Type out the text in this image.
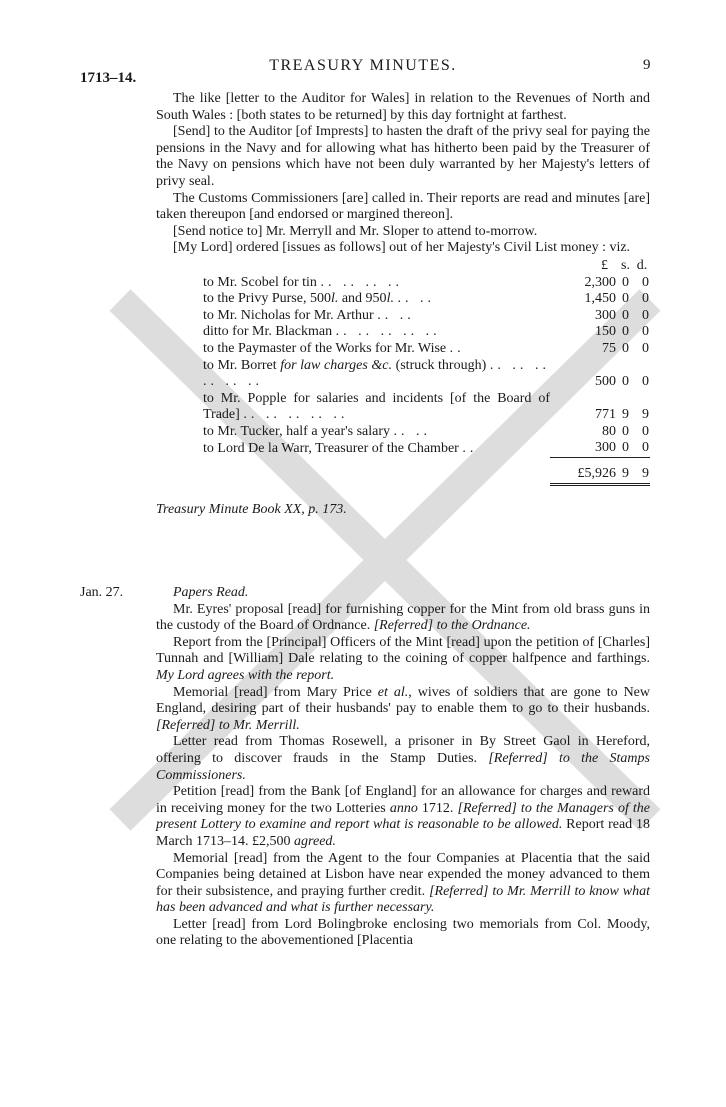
1713–14.
TREASURY MINUTES.	9

The like [letter to the Auditor for Wales] in relation to the Revenues of North and South Wales : [both states to be returned] by this day fortnight at farthest.

[Send] to the Auditor [of Imprests] to hasten the draft of the privy seal for paying the pensions in the Navy and for allowing what has hitherto been paid by the Treasurer of the Navy on pensions which have not been duly warranted by her Majesty's letters of privy seal.

The Customs Commissioners [are] called in. Their reports are read and minutes [are] taken thereupon [and endorsed or margined thereon].

[Send notice to] Mr. Merryll and Mr. Sloper to attend to-morrow.

[My Lord] ordered [issues as follows] out of her Majesty's Civil List money : viz.

	£	s.	d.
to Mr. Scobel for tin .. .. .. ..	2,300	0	0
to the Privy Purse, 500l. and 950l. .. ..	1,450	0	0
to Mr. Nicholas for Mr. Arthur .. ..	300	0	0
ditto for Mr. Blackman .. .. .. .. ..	150	0	0
to the Paymaster of the Works for Mr. Wise ..	75	0	0
to Mr. Borret for law charges &c. (struck through) .. .. .. .. .. ..	500	0	0
to Mr. Popple for salaries and incidents [of the Board of Trade] .. .. .. .. ..	771	9	9
to Mr. Tucker, half a year's salary .. ..	80	0	0
to Lord De la Warr, Treasurer of the Chamber ..	300	0	0
	£5,926	9	9

Treasury Minute Book XX, p. 173.

Jan. 27.	Papers Read.

Mr. Eyres' proposal [read] for furnishing copper for the Mint from old brass guns in the custody of the Board of Ordnance. [Referred] to the Ordnance.

Report from the [Principal] Officers of the Mint [read] upon the petition of [Charles] Tunnah and [William] Dale relating to the coining of copper halfpence and farthings. My Lord agrees with the report.

Memorial [read] from Mary Price et al., wives of soldiers that are gone to New England, desiring part of their husbands' pay to enable them to go to their husbands. [Referred] to Mr. Merrill.

Letter read from Thomas Rosewell, a prisoner in By Street Gaol in Hereford, offering to discover frauds in the Stamp Duties. [Referred] to the Stamps Commissioners.

Petition [read] from the Bank [of England] for an allowance for charges and reward in receiving money for the two Lotteries anno 1712. [Referred] to the Managers of the present Lottery to examine and report what is reasonable to be allowed. Report read 18 March 1713–14. £2,500 agreed.

Memorial [read] from the Agent to the four Companies at Placentia that the said Companies being detained at Lisbon have near expended the money advanced to them for their subsistence, and praying further credit. [Referred] to Mr. Merrill to know what has been advanced and what is further necessary.

Letter [read] from Lord Bolingbroke enclosing two memorials from Col. Moody, one relating to the abovementioned [Placentia
